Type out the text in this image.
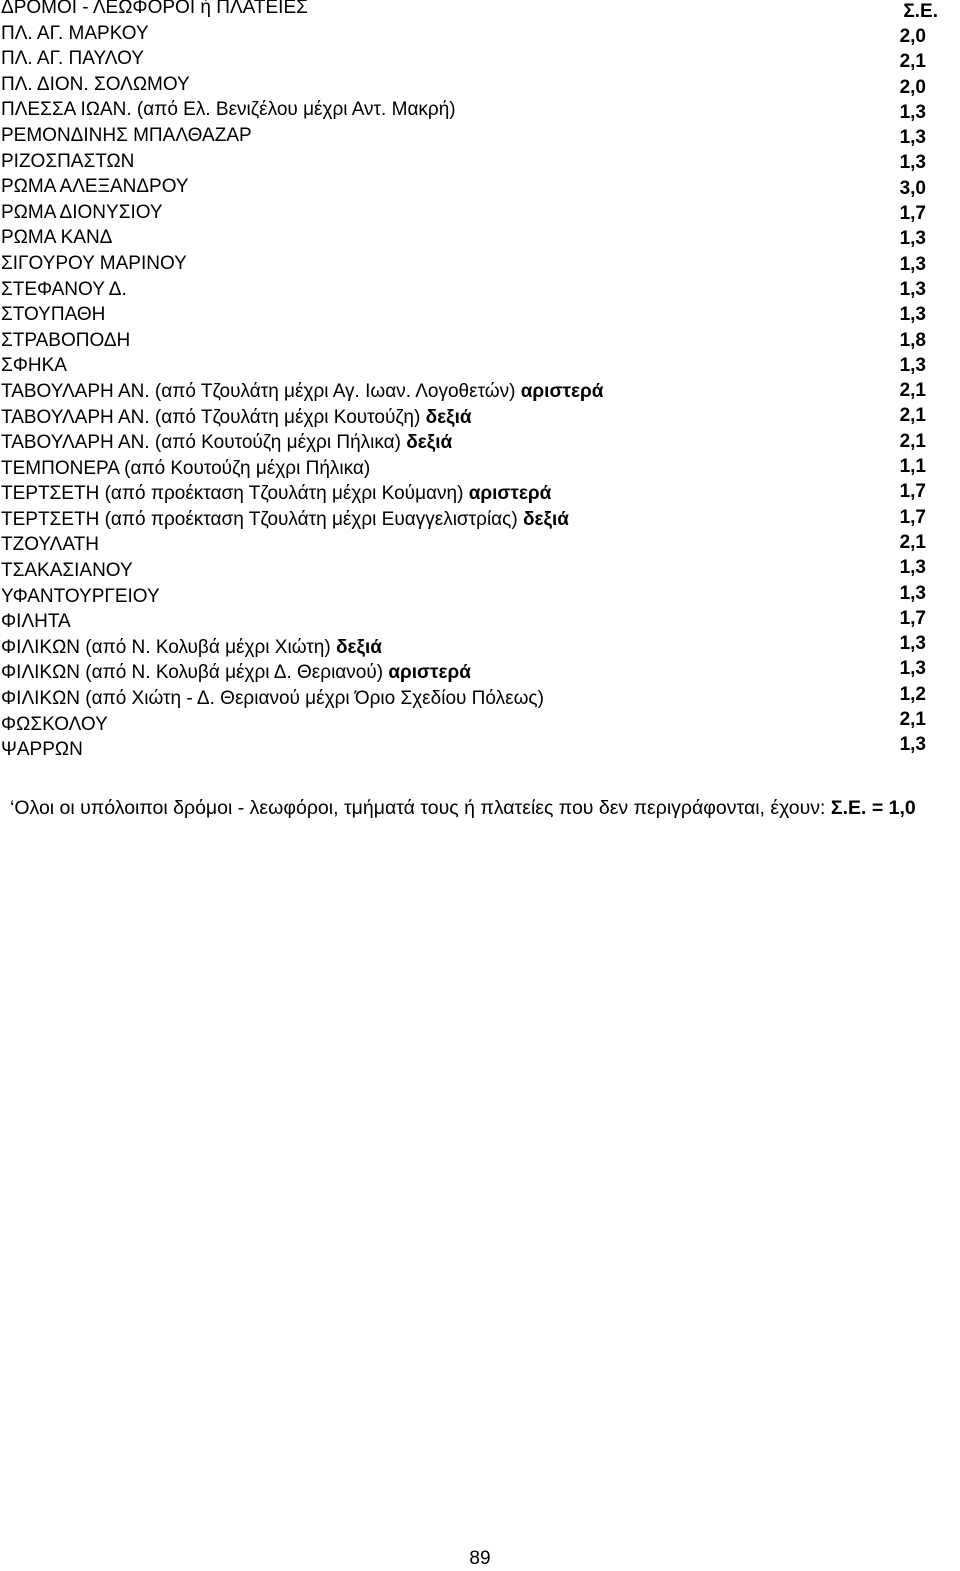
ΔΡΟΜΟΙ - ΛΕΩΦΟΡΟΙ ή ΠΛΑΤΕΙΕΣ
ΠΛ. ΑΓ. ΜΑΡΚΟΥ
ΠΛ. ΑΓ. ΠΑΥΛΟΥ
ΠΛ. ΔΙΟΝ. ΣΟΛΩΜΟΥ
ΠΛΕΣΣΑ ΙΩΑΝ. (από Ελ. Βενιζέλου μέχρι Αντ. Μακρή)
ΡΕΜΟΝΔΙΝΗΣ ΜΠΑΛΘΑΖΑΡ
ΡΙΖΟΣΠΑΣΤΩΝ
ΡΩΜΑ ΑΛΕΞΑΝΔΡΟΥ
ΡΩΜΑ ΔΙΟΝΥΣΙΟΥ
ΡΩΜΑ ΚΑΝΔ
ΣΙΓΟΥΡΟΥ ΜΑΡΙΝΟΥ
ΣΤΕΦΑΝΟΥ Δ.
ΣΤΟΥΠΑΘΗ
ΣΤΡΑΒΟΠΟΔΗ
ΣΦΗΚΑ
ΤΑΒΟΥΛΑΡΗ ΑΝ. (από Τζουλάτη μέχρι Αγ. Ιωαν. Λογοθετών) αριστερά
ΤΑΒΟΥΛΑΡΗ ΑΝ. (από Τζουλάτη μέχρι Κουτούζη) δεξιά
ΤΑΒΟΥΛΑΡΗ ΑΝ. (από Κουτούζη μέχρι Πήλικα) δεξιά
ΤΕΜΠΟΝΕΡΑ (από Κουτούζη μέχρι Πήλικα)
ΤΕΡΤΣΕΤΗ (από προέκταση Τζουλάτη μέχρι Κούμανη) αριστερά
ΤΕΡΤΣΕΤΗ (από προέκταση Τζουλάτη μέχρι Ευαγγελιστρίας) δεξιά
ΤΖΟΥΛΑΤΗ
ΤΣΑΚΑΣΙΑΝΟΥ
ΥΦΑΝΤΟΥΡΓΕΙΟΥ
ΦΙΛΗΤΑ
ΦΙΛΙΚΩΝ (από Ν. Κολυβά μέχρι Χιώτη) δεξιά
ΦΙΛΙΚΩΝ (από Ν. Κολυβά μέχρι Δ. Θεριανού) αριστερά
ΦΙΛΙΚΩΝ (από Χιώτη - Δ. Θεριανού μέχρι Όριο Σχεδίου Πόλεως)
ΦΩΣΚΟΛΟΥ
ΨΑΡΡΩΝ
Σ.Ε.
2,0
2,1
2,0
1,3
1,3
1,3
3,0
1,7
1,3
1,3
1,3
1,3
1,8
1,3
2,1
2,1
2,1
1,1
1,7
1,7
2,1
1,3
1,3
1,7
1,3
1,3
1,2
2,1
1,3
‘Ολοι οι υπόλοιποι δρόμοι - λεωφόροι, τμήματά τους ή πλατείες που δεν περιγράφονται, έχουν: Σ.Ε. = 1,0
89
